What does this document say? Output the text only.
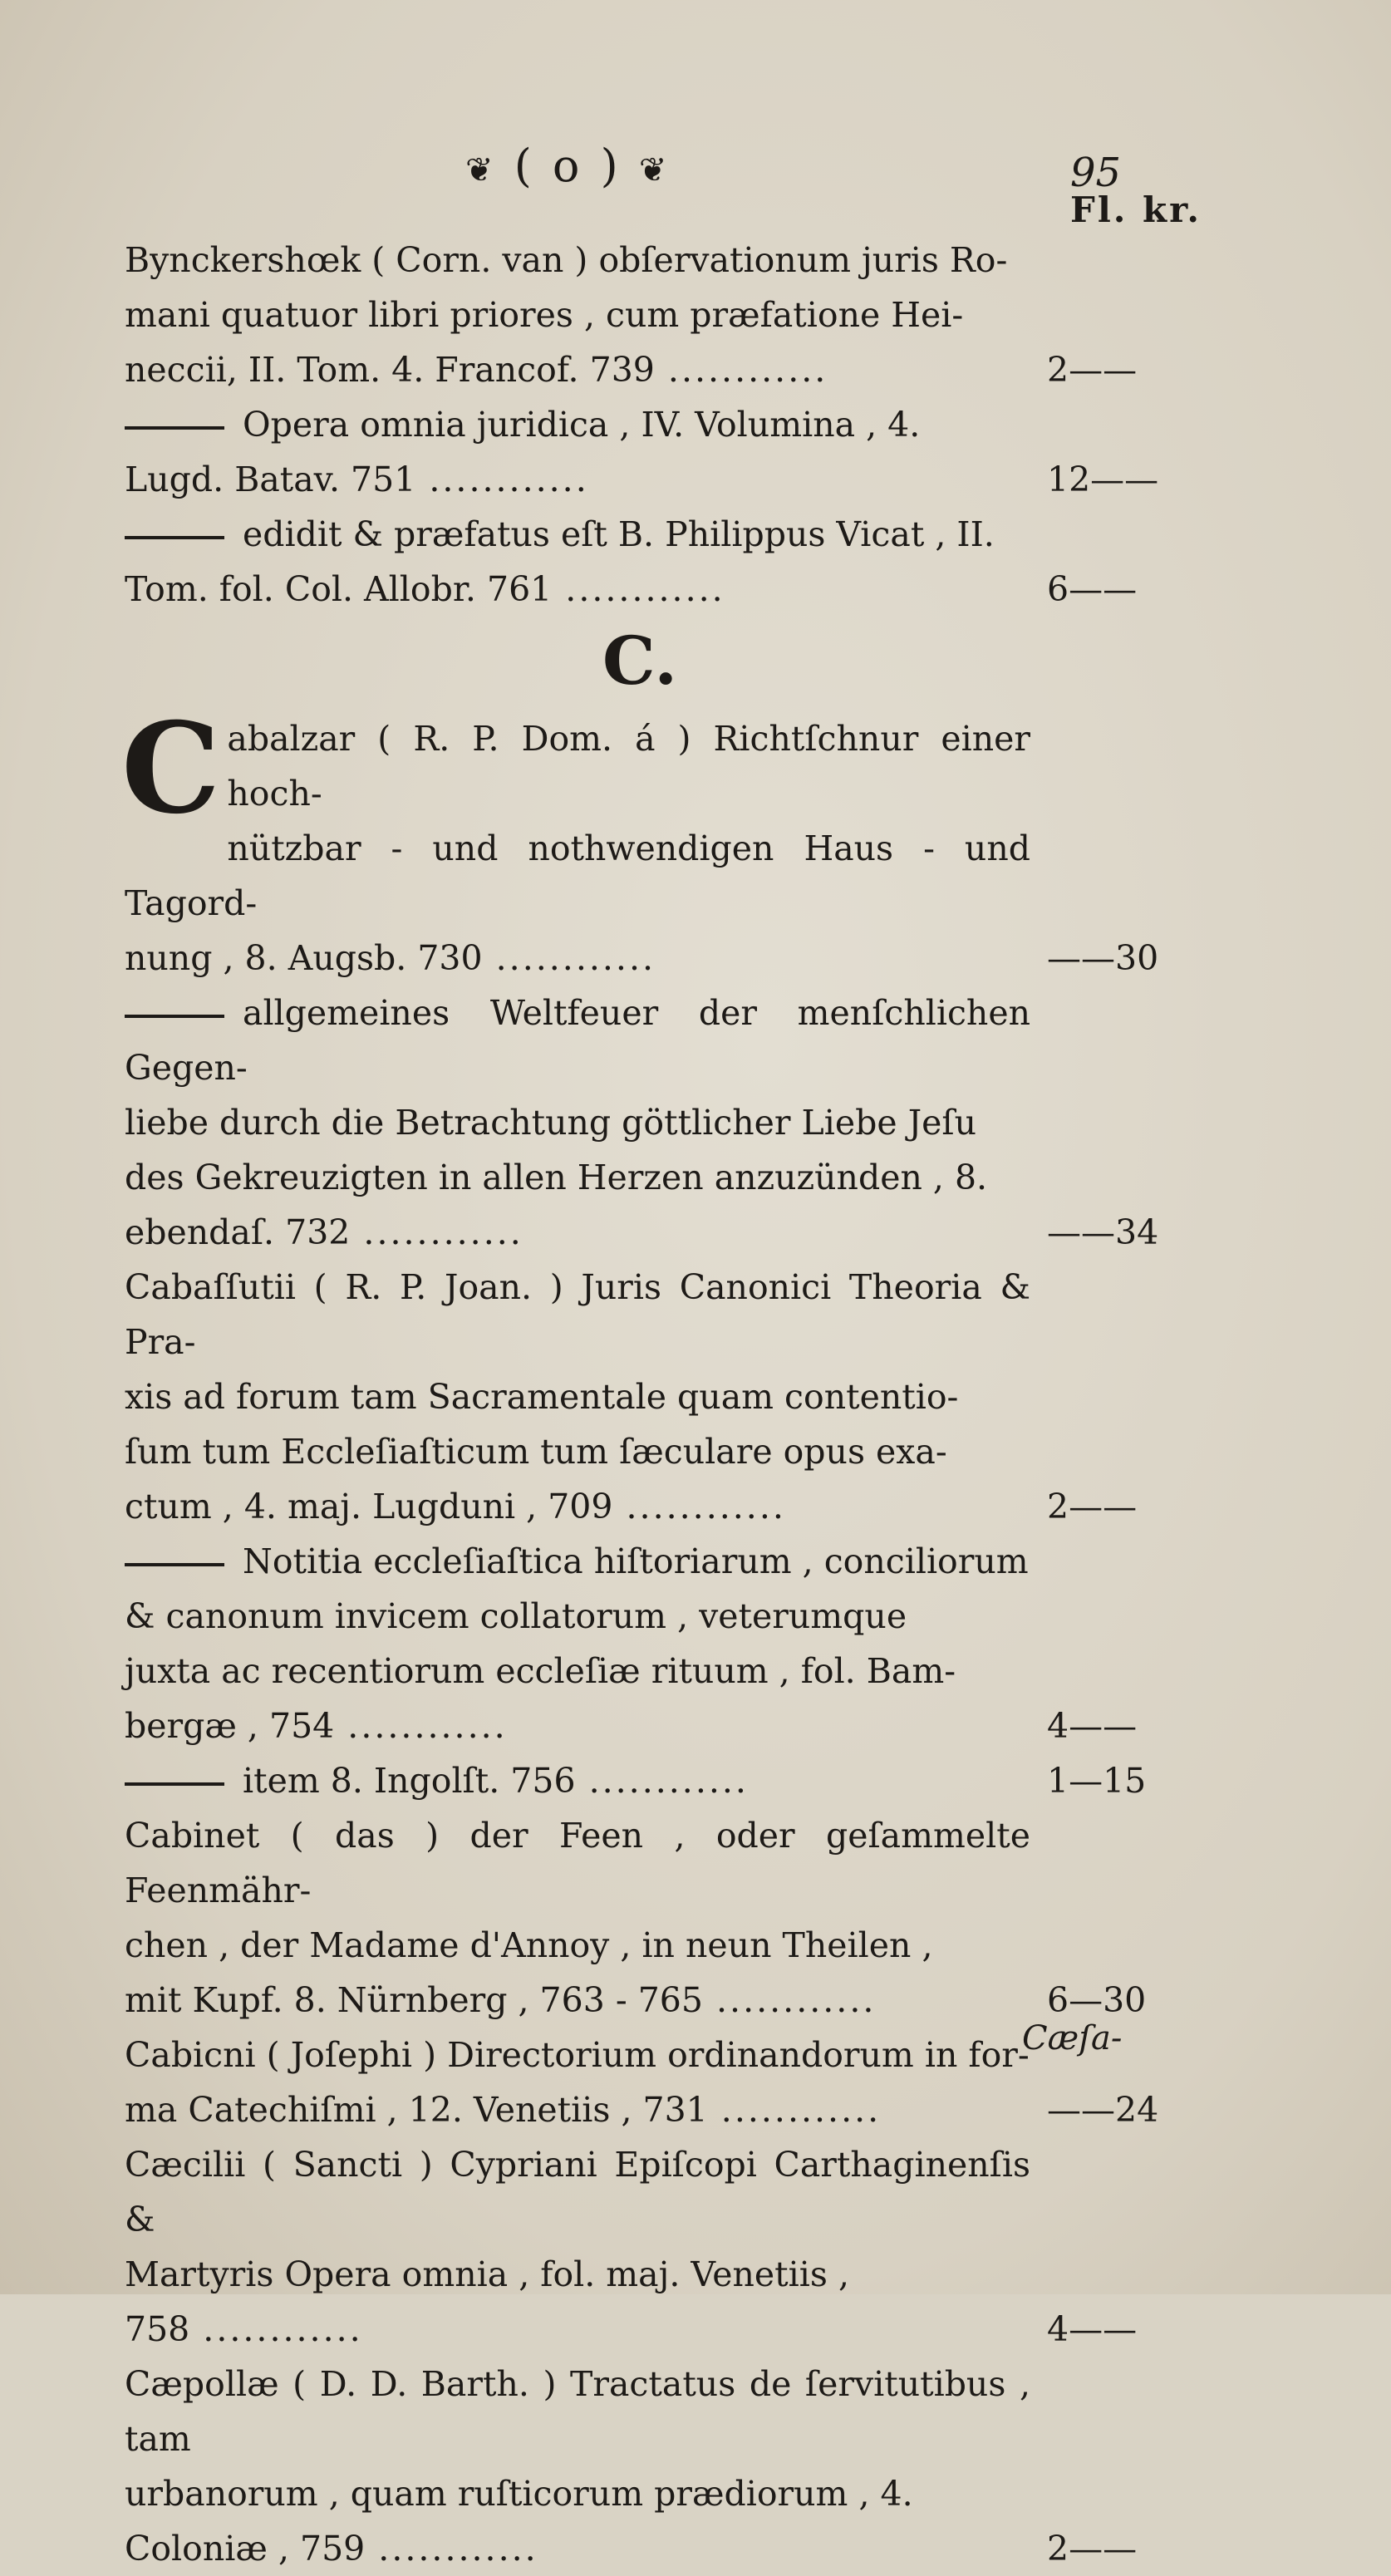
❦ ( o ) ❦	95
Fl. kr.
Bynckershœk ( Corn. van ) obſervationum juris Ro-
mani quatuor libri priores , cum præfatione Hei-
neccii, II. Tom. 4. Francof. 739 ............	2——
Opera omnia juridica , IV. Volumina , 4.
Lugd. Batav. 751 ............	12——
edidit & præfatus eſt B. Philippus Vicat , II.
Tom. fol. Col. Allobr. 761 ............	6——
C.
C abalzar ( R. P. Dom. á ) Richtſchnur einer hoch-
nützbar - und nothwendigen Haus - und Tagord-
nung , 8. Augsb. 730 ............	——30
allgemeines Weltfeuer der menſchlichen Gegen-
liebe durch die Betrachtung göttlicher Liebe Jeſu
des Gekreuzigten in allen Herzen anzuzünden , 8.
ebendaſ. 732 ............	——34
Cabaſſutii ( R. P. Joan. ) Juris Canonici Theoria & Pra-
xis ad forum tam Sacramentale quam contentio-
ſum tum Eccleſiaſticum tum ſæculare opus exa-
ctum , 4. maj. Lugduni , 709 ............	2——
Notitia eccleſiaſtica hiſtoriarum , conciliorum
& canonum invicem collatorum , veterumque
juxta ac recentiorum eccleſiæ rituum , fol. Bam-
bergæ , 754 ............	4——
item 8. Ingolſt. 756 ............	1—15
Cabinet ( das ) der Feen , oder geſammelte Feenmähr-
chen , der Madame d'Annoy , in neun Theilen ,
mit Kupf. 8. Nürnberg , 763 - 765 ............	6—30
Cabicni ( Joſephi ) Directorium ordinandorum in for-
ma Catechiſmi , 12. Venetiis , 731 ............	——24
Cæcilii ( Sancti ) Cypriani Epiſcopi Carthaginenſis &
Martyris Opera omnia , fol. maj. Venetiis ,
758 ............	4——
Cæpollæ ( D. D. Barth. ) Tractatus de ſervitutibus , tam
urbanorum , quam ruſticorum prædiorum , 4.
Coloniæ , 759 ............	2——
Cæſa-
